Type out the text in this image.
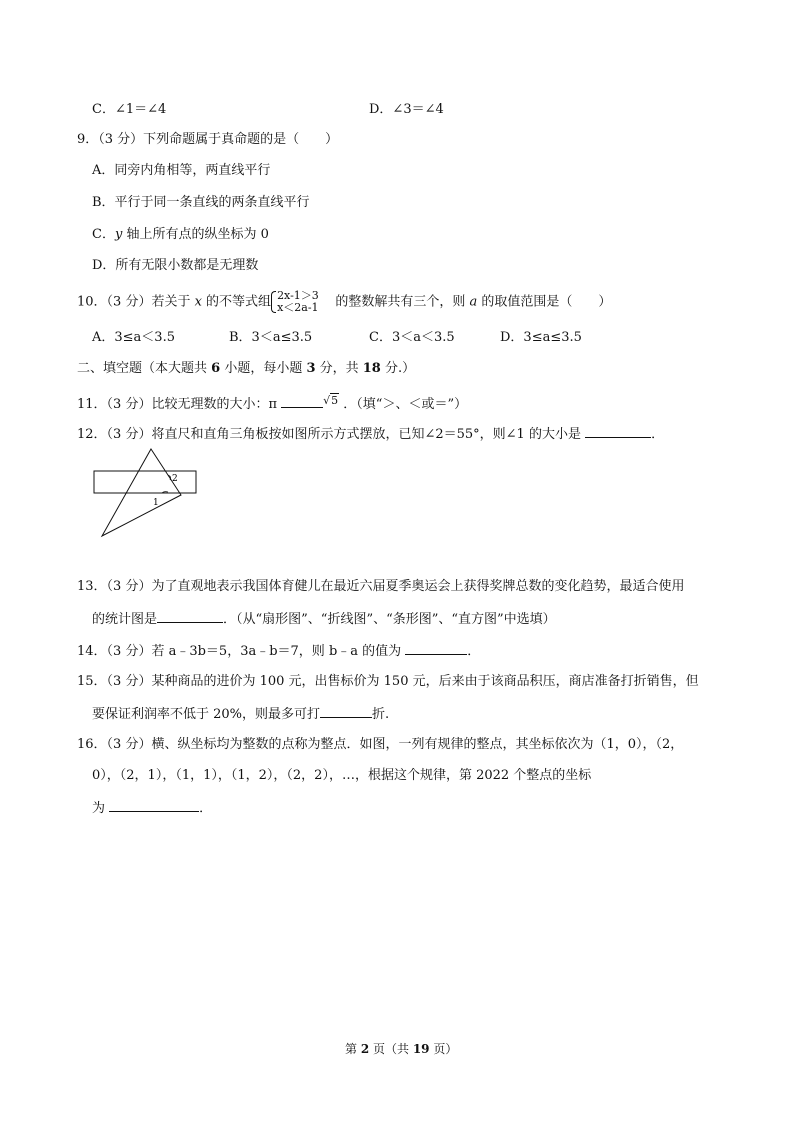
C．∠1＝∠4	D．∠3＝∠4
9．（3 分）下列命题属于真命题的是（　　）
A．同旁内角相等，两直线平行
B．平行于同一条直线的两条直线平行
C．y 轴上所有点的纵坐标为 0
D．所有无限小数都是无理数
10．（3 分）若关于 x 的不等式组 2x-1＞3
x＜2a-1 的整数解共有三个，则 a 的取值范围是（　　）
A．3≤a＜3.5	B．3＜a≤3.5	C．3＜a＜3.5	D．3≤a≤3.5
二、填空题（本大题共 6 小题，每小题 3 分，共 18 分.）
11．（3 分）比较无理数的大小：π	√5 ．（填“＞、＜或＝”）
12．（3 分）将直尺和直角三角板按如图所示方式摆放，已知∠2＝55°，则∠1 的大小是	．
2
1
13．（3 分）为了直观地表示我国体育健儿在最近六届夏季奥运会上获得奖牌总数的变化趋势，最适合使用
的统计图是	．（从“扇形图”、“折线图”、“条形图”、“直方图”中选填）
14．（3 分）若 a﹣3b＝5，3a﹣b＝7，则 b﹣a 的值为	．
15．（3 分）某种商品的进价为 100 元，出售标价为 150 元，后来由于该商品积压，商店准备打折销售，但
要保证利润率不低于 20%，则最多可打	折.
16．（3 分）横、纵坐标均为整数的点称为整点．如图，一列有规律的整点，其坐标依次为（1，0），（2，
0），（2，1），（1，1），（1，2），（2，2），…，根据这个规律，第 2022 个整点的坐标
为	．
第 2 页（共 19 页）
